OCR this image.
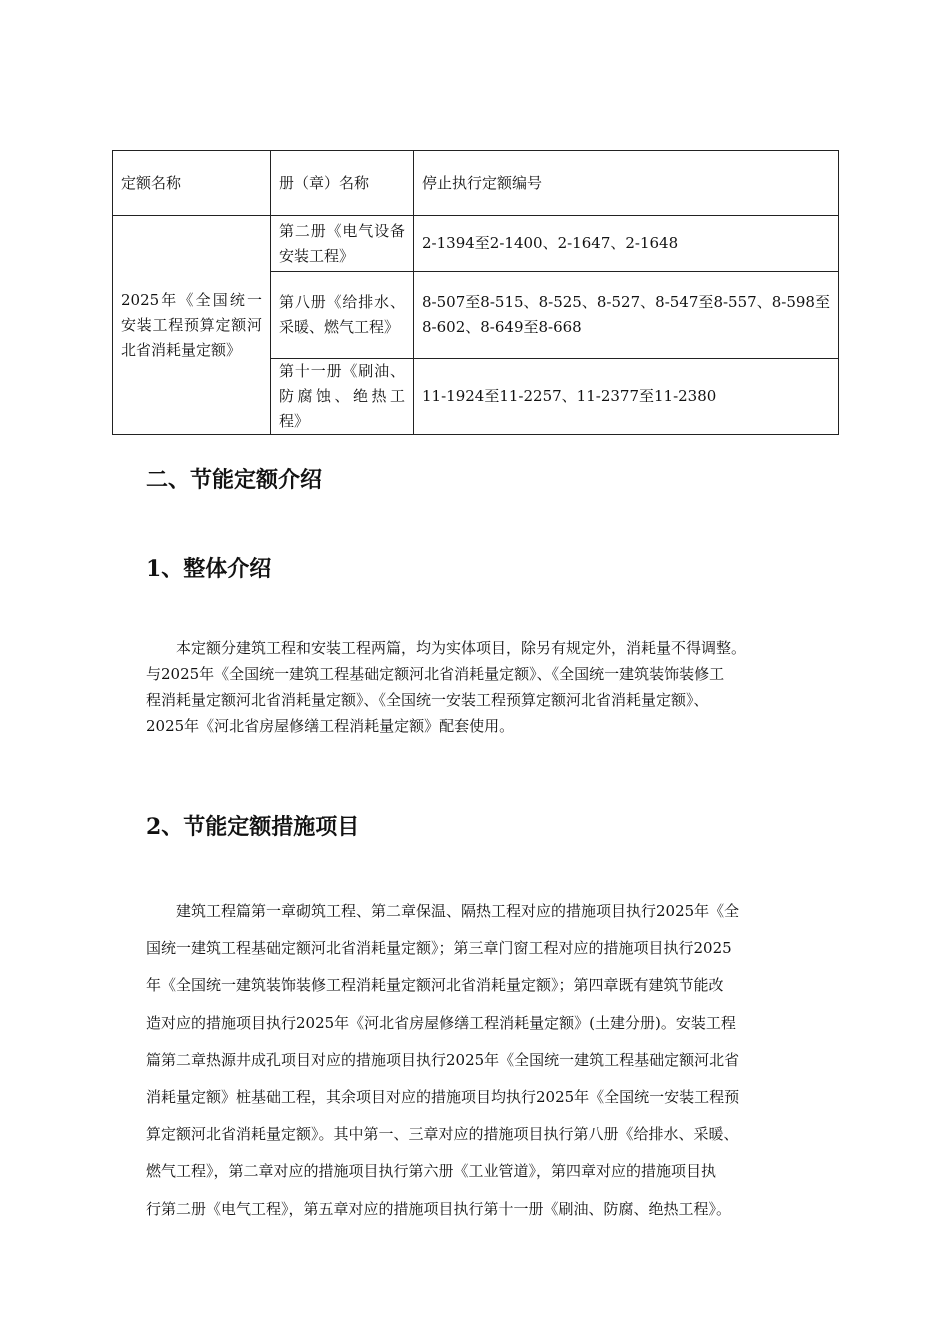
定额名称	册（章）名称	停止执行定额编号
2025年《全国统一安装工程预算定额河北省消耗量定额》	第二册《电气设备安装工程》	2-1394至2-1400、2-1647、2-1648
	第八册《给排水、采暖、燃气工程》	8-507至8-515、8-525、8-527、8-547至8-557、8-598至8-602、8-649至8-668
	第十一册《刷油、防腐蚀、绝热工程》	11-1924至11-2257、11-2377至11-2380
二、节能定额介绍
1、整体介绍
本定额分建筑工程和安装工程两篇，均为实体项目，除另有规定外，消耗量不得调整。
与2025年《全国统一建筑工程基础定额河北省消耗量定额》、《全国统一建筑装饰装修工
程消耗量定额河北省消耗量定额》、《全国统一安装工程预算定额河北省消耗量定额》、
2025年《河北省房屋修缮工程消耗量定额》配套使用。
2、节能定额措施项目
建筑工程篇第一章砌筑工程、第二章保温、隔热工程对应的措施项目执行2025年《全
国统一建筑工程基础定额河北省消耗量定额》；第三章门窗工程对应的措施项目执行2025
年《全国统一建筑装饰装修工程消耗量定额河北省消耗量定额》；第四章既有建筑节能改
造对应的措施项目执行2025年《河北省房屋修缮工程消耗量定额》(土建分册)。安装工程
篇第二章热源井成孔项目对应的措施项目执行2025年《全国统一建筑工程基础定额河北省
消耗量定额》桩基础工程，其余项目对应的措施项目均执行2025年《全国统一安装工程预
算定额河北省消耗量定额》。其中第一、三章对应的措施项目执行第八册《给排水、采暖、
燃气工程》，第二章对应的措施项目执行第六册《工业管道》，第四章对应的措施项目执
行第二册《电气工程》，第五章对应的措施项目执行第十一册《刷油、防腐、绝热工程》。
